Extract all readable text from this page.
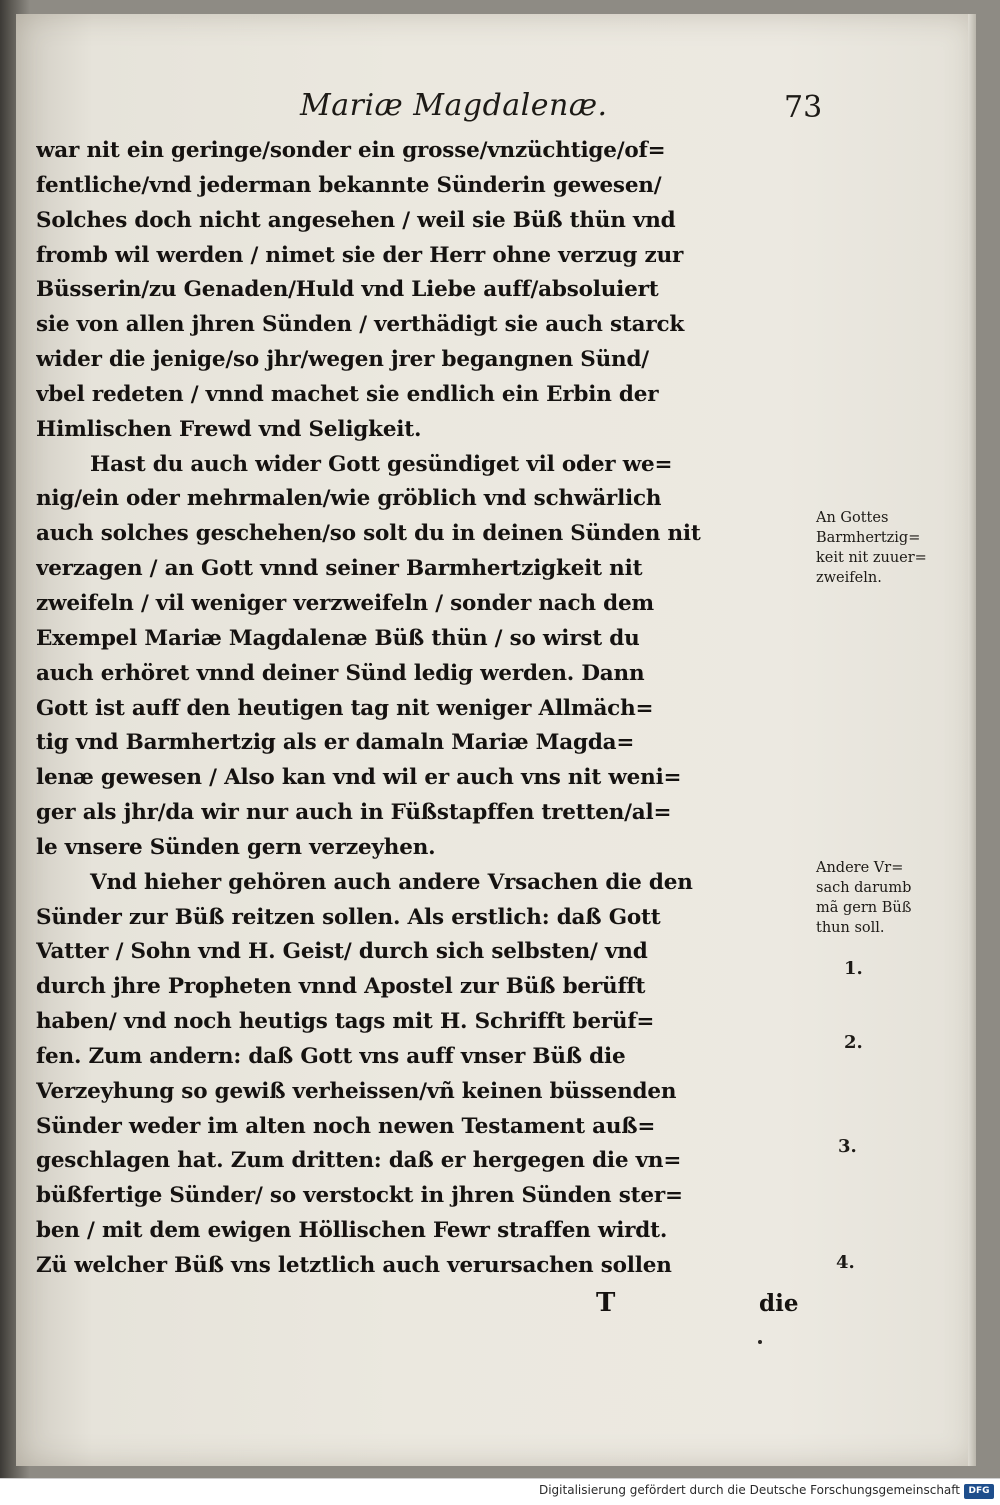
Mariæ Magdalenæ.	73
war nit ein geringe/sonder ein grosse/vnzüchtige/of=
fentliche/vnd jederman bekannte Sünderin gewesen/
Solches doch nicht angesehen / weil sie Büß thün vnd
fromb wil werden / nimet sie der Herr ohne verzug zur
Büsserin/zu Genaden/Huld vnd Liebe auff/absoluiert
sie von allen jhren Sünden / verthädigt sie auch starck
wider die jenige/so jhr/wegen jrer begangnen Sünd/
vbel redeten / vnnd machet sie endlich ein Erbin der
Himlischen Frewd vnd Seligkeit.
Hast du auch wider Gott gesündiget vil oder we=
nig/ein oder mehrmalen/wie gröblich vnd schwärlich
auch solches geschehen/so solt du in deinen Sünden nit
verzagen / an Gott vnnd seiner Barmhertzigkeit nit
zweifeln / vil weniger verzweifeln / sonder nach dem
Exempel Mariæ Magdalenæ Büß thün / so wirst du
auch erhöret vnnd deiner Sünd ledig werden. Dann
Gott ist auff den heutigen tag nit weniger Allmäch=
tig vnd Barmhertzig als er damaln Mariæ Magda=
lenæ gewesen / Also kan vnd wil er auch vns nit weni=
ger als jhr/da wir nur auch in Füßstapffen tretten/al=
le vnsere Sünden gern verzeyhen.
Vnd hieher gehören auch andere Vrsachen die den
Sünder zur Büß reitzen sollen. Als erstlich: daß Gott
Vatter / Sohn vnd H. Geist/ durch sich selbsten/ vnd
durch jhre Propheten vnnd Apostel zur Büß berüfft
haben/ vnd noch heutigs tags mit H. Schrifft berüf=
fen. Zum andern: daß Gott vns auff vnser Büß die
Verzeyhung so gewiß verheissen/vñ keinen büssenden
Sünder weder im alten noch newen Testament auß=
geschlagen hat. Zum dritten: daß er hergegen die vn=
büßfertige Sünder/ so verstockt in jhren Sünden ster=
ben / mit dem ewigen Höllischen Fewr straffen wirdt.
Zü welcher Büß vns letztlich auch verursachen sollen
T	die
An Gottes
Barmhertzig=
keit nit zuuer=
zweifeln.
Andere Vr=
sach darumb
mã gern Büß
thun soll.
1.
2.
3.
4.
Digitalisierung gefördert durch die Deutsche Forschungsgemeinschaft DFG
